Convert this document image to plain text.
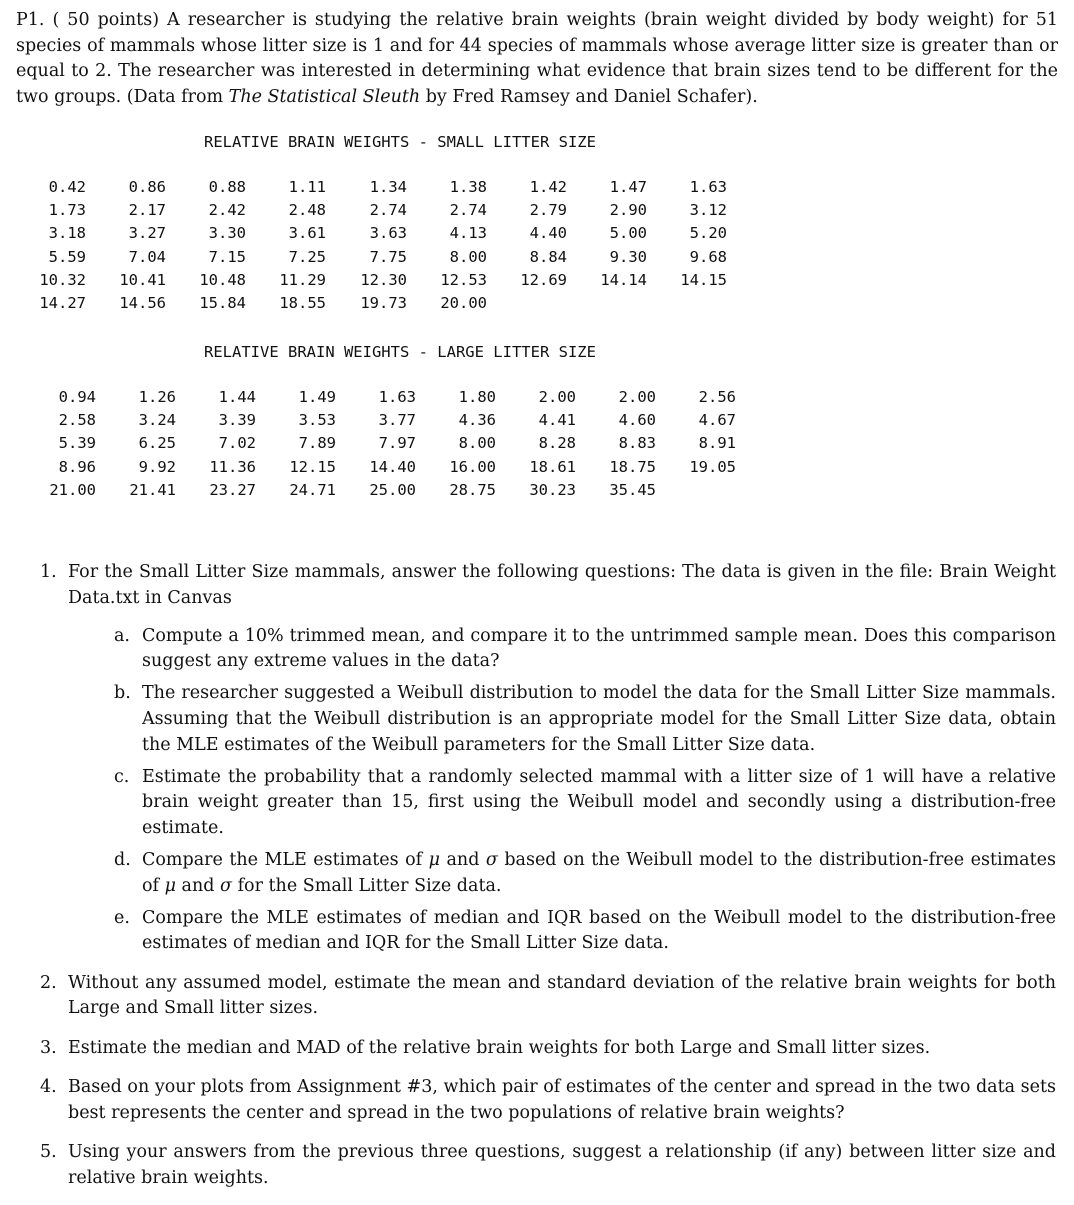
P1. ( 50 points) A researcher is studying the relative brain weights (brain weight divided by body weight) for 51 species of mammals whose litter size is 1 and for 44 species of mammals whose average litter size is greater than or equal to 2. The researcher was interested in determining what evidence that brain sizes tend to be different for the two groups. (Data from The Statistical Sleuth by Fred Ramsey and Daniel Schafer).
RELATIVE BRAIN WEIGHTS - SMALL LITTER SIZE
0.42	0.86	0.88	1.11	1.34	1.38	1.42	1.47	1.63
1.73	2.17	2.42	2.48	2.74	2.74	2.79	2.90	3.12
3.18	3.27	3.30	3.61	3.63	4.13	4.40	5.00	5.20
5.59	7.04	7.15	7.25	7.75	8.00	8.84	9.30	9.68
10.32	10.41	10.48	11.29	12.30	12.53	12.69	14.14	14.15
14.27	14.56	15.84	18.55	19.73	20.00
RELATIVE BRAIN WEIGHTS - LARGE LITTER SIZE
0.94	1.26	1.44	1.49	1.63	1.80	2.00	2.00	2.56
2.58	3.24	3.39	3.53	3.77	4.36	4.41	4.60	4.67
5.39	6.25	7.02	7.89	7.97	8.00	8.28	8.83	8.91
8.96	9.92	11.36	12.15	14.40	16.00	18.61	18.75	19.05
21.00	21.41	23.27	24.71	25.00	28.75	30.23	35.45
1. For the Small Litter Size mammals, answer the following questions: The data is given in the file: Brain Weight Data.txt in Canvas
a. Compute a 10% trimmed mean, and compare it to the untrimmed sample mean. Does this comparison suggest any extreme values in the data?
b. The researcher suggested a Weibull distribution to model the data for the Small Litter Size mammals. Assuming that the Weibull distribution is an appropriate model for the Small Litter Size data, obtain the MLE estimates of the Weibull parameters for the Small Litter Size data.
c. Estimate the probability that a randomly selected mammal with a litter size of 1 will have a relative brain weight greater than 15, first using the Weibull model and secondly using a distribution-free estimate.
d. Compare the MLE estimates of μ and σ based on the Weibull model to the distribution-free estimates of μ and σ for the Small Litter Size data.
e. Compare the MLE estimates of median and IQR based on the Weibull model to the distribution-free estimates of median and IQR for the Small Litter Size data.
2. Without any assumed model, estimate the mean and standard deviation of the relative brain weights for both Large and Small litter sizes.
3. Estimate the median and MAD of the relative brain weights for both Large and Small litter sizes.
4. Based on your plots from Assignment #3, which pair of estimates of the center and spread in the two data sets best represents the center and spread in the two populations of relative brain weights?
5. Using your answers from the previous three questions, suggest a relationship (if any) between litter size and relative brain weights.
